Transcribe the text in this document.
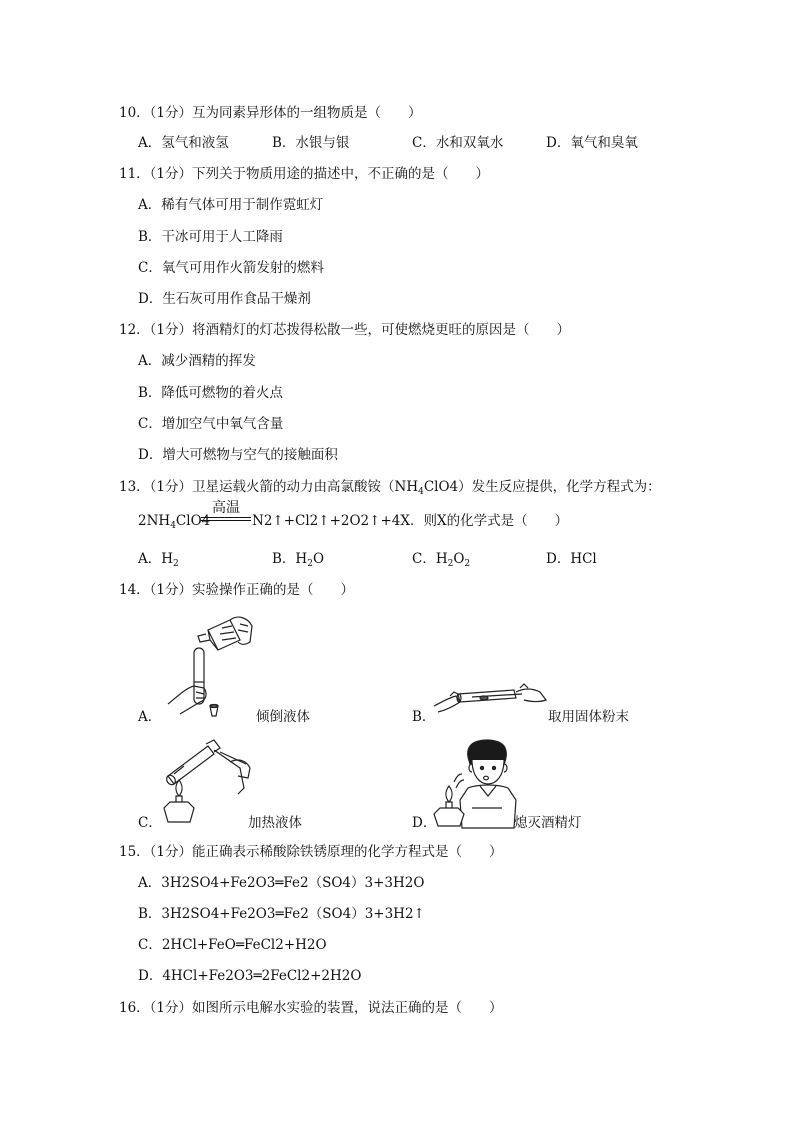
10．（1分）互为同素异形体的一组物质是（　　）
A．氢气和液氢	B．水银与银	C．水和双氧水	D．氧气和臭氧
11．（1分）下列关于物质用途的描述中，不正确的是（　　）
A．稀有气体可用于制作霓虹灯
B．干冰可用于人工降雨
C．氧气可用作火箭发射的燃料
D．生石灰可用作食品干燥剂
12．（1分）将酒精灯的灯芯拨得松散一些，可使燃烧更旺的原因是（　　）
A．减少酒精的挥发
B．降低可燃物的着火点
C．增加空气中氧气含量
D．增大可燃物与空气的接触面积
13．（1分）卫星运载火箭的动力由高氯酸铵$(NH_4ClO4)$发生反应提供，化学方程式为：
$2NH_4ClO4$
高温
N2↑+Cl2↑+2O2↑+4X．则X的化学式是（　　）
A．$H_2$	B．$H_2O$	C．$H_2O_2$	D．HCl
14．（1分）实验操作正确的是（　　）
A．	倾倒液体	B．	取用固体粉末
C．	加热液体	D．	熄灭酒精灯
15．（1分）能正确表示稀酸除铁锈原理的化学方程式是（　　）
A．3H2SO4+Fe2O3═Fe2（SO4）3+3H2O
B．3H2SO4+Fe2O3═Fe2（SO4）3+3H2↑
C．2HCl+FeO═FeCl2+H2O
D．4HCl+Fe2O3═2FeCl2+2H2O
16．（1分）如图所示电解水实验的装置，说法正确的是（　　）
